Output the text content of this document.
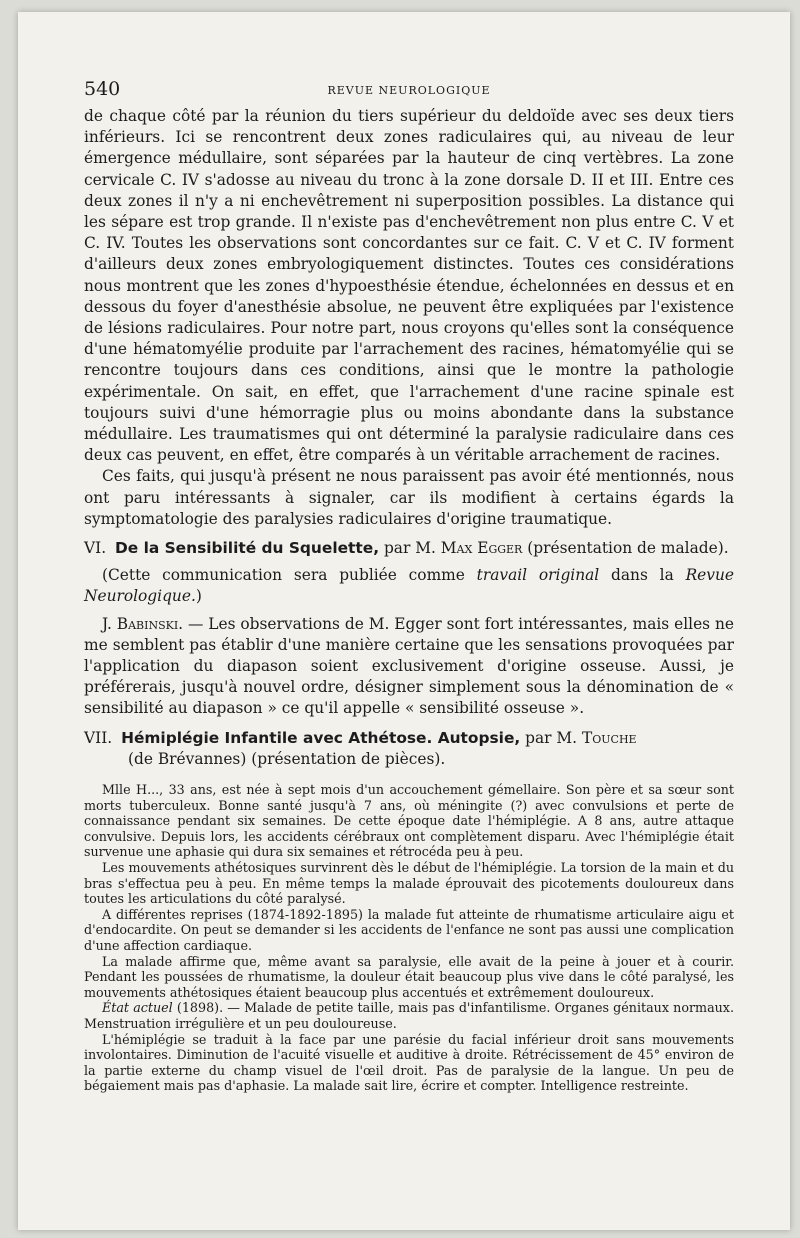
540	REVUE NEUROLOGIQUE

de chaque côté par la réunion du tiers supérieur du deldoïde avec ses deux tiers inférieurs. Ici se rencontrent deux zones radiculaires qui, au niveau de leur émergence médullaire, sont séparées par la hauteur de cinq vertèbres. La zone cervicale C. IV s'adosse au niveau du tronc à la zone dorsale D. II et III. Entre ces deux zones il n'y a ni enchevêtrement ni superposition possibles. La distance qui les sépare est trop grande. Il n'existe pas d'enchevêtrement non plus entre C. V et C. IV. Toutes les observations sont concordantes sur ce fait. C. V et C. IV forment d'ailleurs deux zones embryologiquement distinctes. Toutes ces considérations nous montrent que les zones d'hypoesthésie étendue, échelonnées en dessus et en dessous du foyer d'anesthésie absolue, ne peuvent être expliquées par l'existence de lésions radiculaires. Pour notre part, nous croyons qu'elles sont la conséquence d'une hématomyélie produite par l'arrachement des racines, hématomyélie qui se rencontre toujours dans ces conditions, ainsi que le montre la pathologie expérimentale. On sait, en effet, que l'arrachement d'une racine spinale est toujours suivi d'une hémorragie plus ou moins abondante dans la substance médullaire. Les traumatismes qui ont déterminé la paralysie radiculaire dans ces deux cas peuvent, en effet, être comparés à un véritable arrachement de racines.

Ces faits, qui jusqu'à présent ne nous paraissent pas avoir été mentionnés, nous ont paru intéressants à signaler, car ils modifient à certains égards la symptomatologie des paralysies radiculaires d'origine traumatique.

VI. De la Sensibilité du Squelette, par M. Max Egger (présentation de malade).

(Cette communication sera publiée comme travail original dans la Revue Neurologique.)

J. Babinski. — Les observations de M. Egger sont fort intéressantes, mais elles ne me semblent pas établir d'une manière certaine que les sensations provoquées par l'application du diapason soient exclusivement d'origine osseuse. Aussi, je préférerais, jusqu'à nouvel ordre, désigner simplement sous la dénomination de « sensibilité au diapason » ce qu'il appelle « sensibilité osseuse ».

VII. Hémiplégie Infantile avec Athétose. Autopsie, par M. Touche

(de Brévannes) (présentation de pièces).

Mlle H..., 33 ans, est née à sept mois d'un accouchement gémellaire. Son père et sa sœur sont morts tuberculeux. Bonne santé jusqu'à 7 ans, où méningite (?) avec convulsions et perte de connaissance pendant six semaines. De cette époque date l'hémiplégie. A 8 ans, autre attaque convulsive. Depuis lors, les accidents cérébraux ont complètement disparu. Avec l'hémiplégie était survenue une aphasie qui dura six semaines et rétrocéda peu à peu.

Les mouvements athétosiques survinrent dès le début de l'hémiplégie. La torsion de la main et du bras s'effectua peu à peu. En même temps la malade éprouvait des picotements douloureux dans toutes les articulations du côté paralysé.

A différentes reprises (1874-1892-1895) la malade fut atteinte de rhumatisme articulaire aigu et d'endocardite. On peut se demander si les accidents de l'enfance ne sont pas aussi une complication d'une affection cardiaque.

La malade affirme que, même avant sa paralysie, elle avait de la peine à jouer et à courir. Pendant les poussées de rhumatisme, la douleur était beaucoup plus vive dans le côté paralysé, les mouvements athétosiques étaient beaucoup plus accentués et extrêmement douloureux.

État actuel (1898). — Malade de petite taille, mais pas d'infantilisme. Organes génitaux normaux. Menstruation irrégulière et un peu douloureuse.

L'hémiplégie se traduit à la face par une parésie du facial inférieur droit sans mouvements involontaires. Diminution de l'acuité visuelle et auditive à droite. Rétrécissement de 45° environ de la partie externe du champ visuel de l'œil droit. Pas de paralysie de la langue. Un peu de bégaiement mais pas d'aphasie. La malade sait lire, écrire et compter. Intelligence restreinte.
